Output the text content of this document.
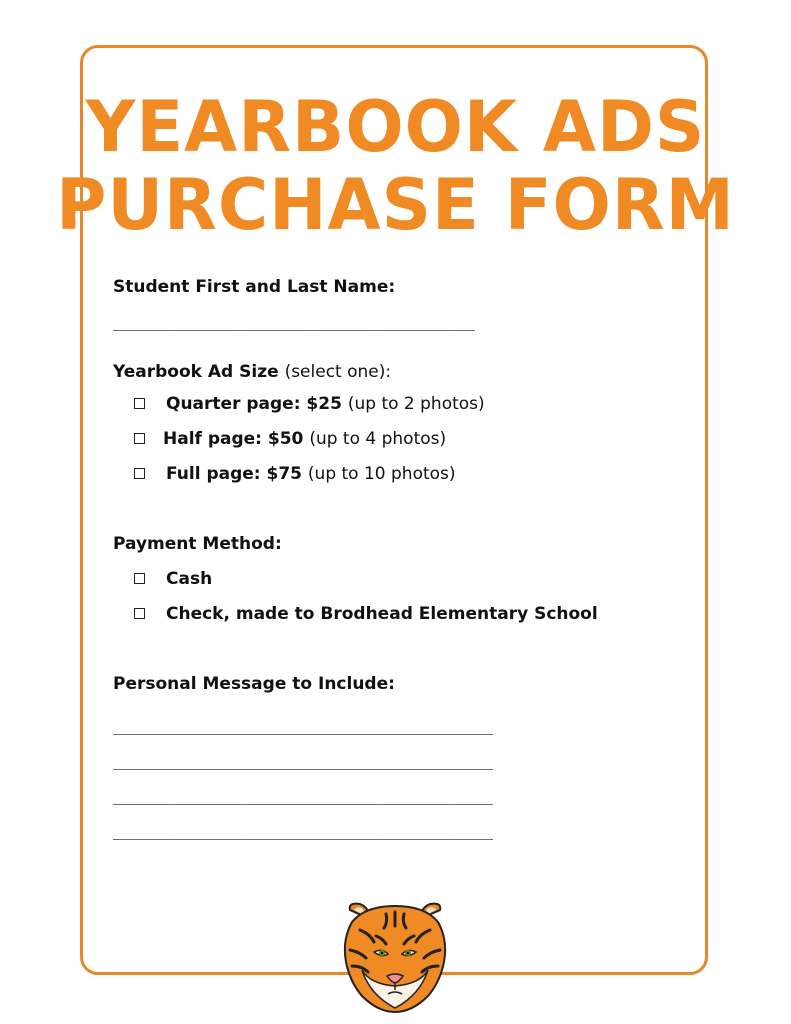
YEARBOOK ADS
PURCHASE FORM
Student First and Last Name:
________________________________________
Yearbook Ad Size (select one):
Quarter page: $25 (up to 2 photos)
Half page: $50 (up to 4 photos)
Full page: $75 (up to 10 photos)
Payment Method:
Cash
Check, made to Brodhead Elementary School
Personal Message to Include:
__________________________________________
__________________________________________
__________________________________________
__________________________________________
